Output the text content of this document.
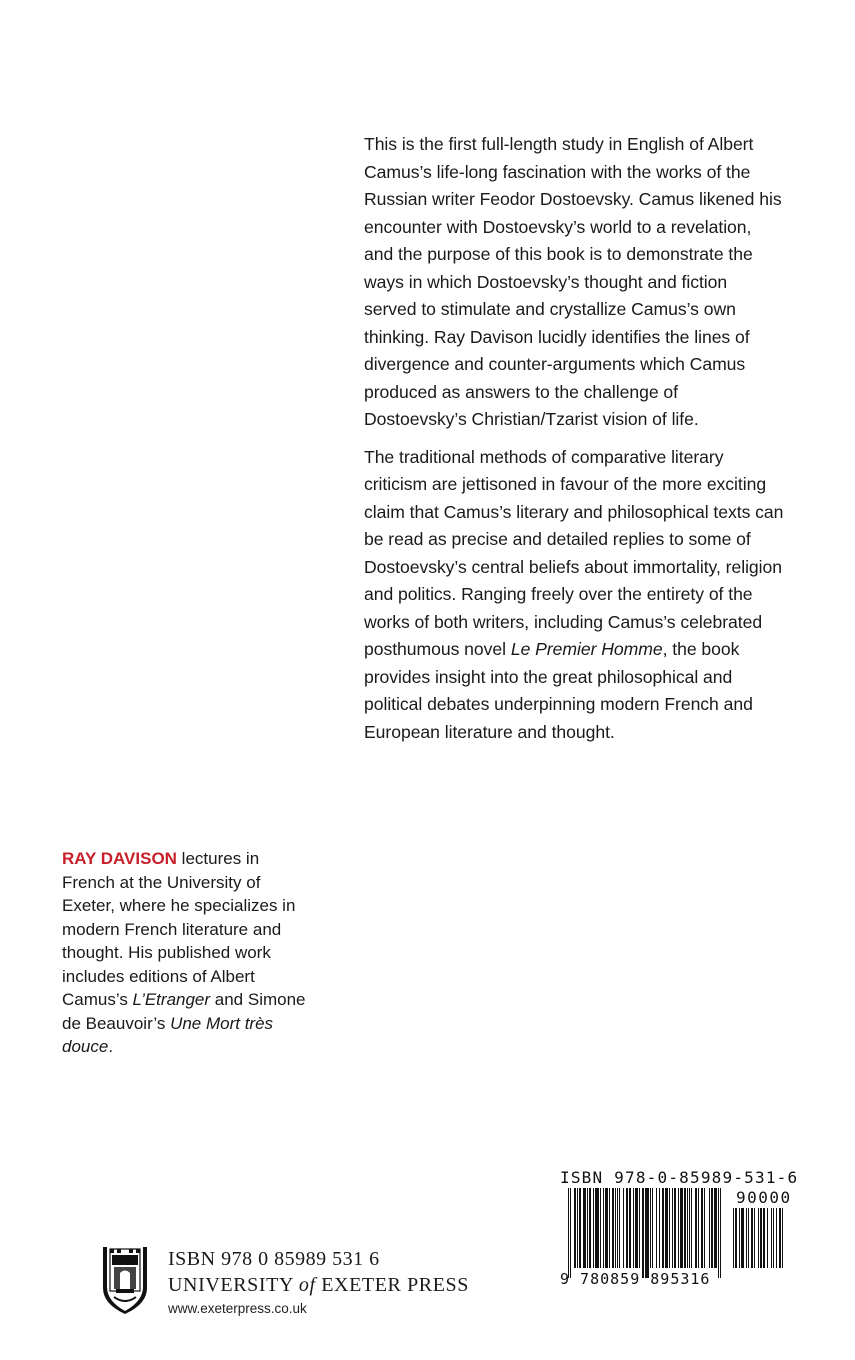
This is the first full-length study in English of Albert Camus’s life-long fascination with the works of the Russian writer Feodor Dostoevsky. Camus likened his encounter with Dostoevsky’s world to a revelation, and the purpose of this book is to demonstrate the ways in which Dostoevsky’s thought and fiction served to stimulate and crystallize Camus’s own thinking. Ray Davison lucidly identifies the lines of divergence and counter-arguments which Camus produced as answers to the challenge of Dostoevsky’s Christian/Tzarist vision of life.

The traditional methods of comparative literary criticism are jettisoned in favour of the more exciting claim that Camus’s literary and philosophical texts can be read as precise and detailed replies to some of Dostoevsky’s central beliefs about immortality, religion and politics. Ranging freely over the entirety of the works of both writers, including Camus’s celebrated posthumous novel Le Premier Homme, the book provides insight into the great philosophical and political debates underpinning modern French and European literature and thought.

RAY DAVISON lectures in French at the University of Exeter, where he specializes in modern French literature and thought. His published work includes editions of Albert Camus’s L’Etranger and Simone de Beauvoir’s Une Mort très douce.
ISBN 978-0-85989-531-6
90000
9 780859 895316
ISBN 978 0 85989 531 6
UNIVERSITY of EXETER PRESS
www.exeterpress.co.uk
